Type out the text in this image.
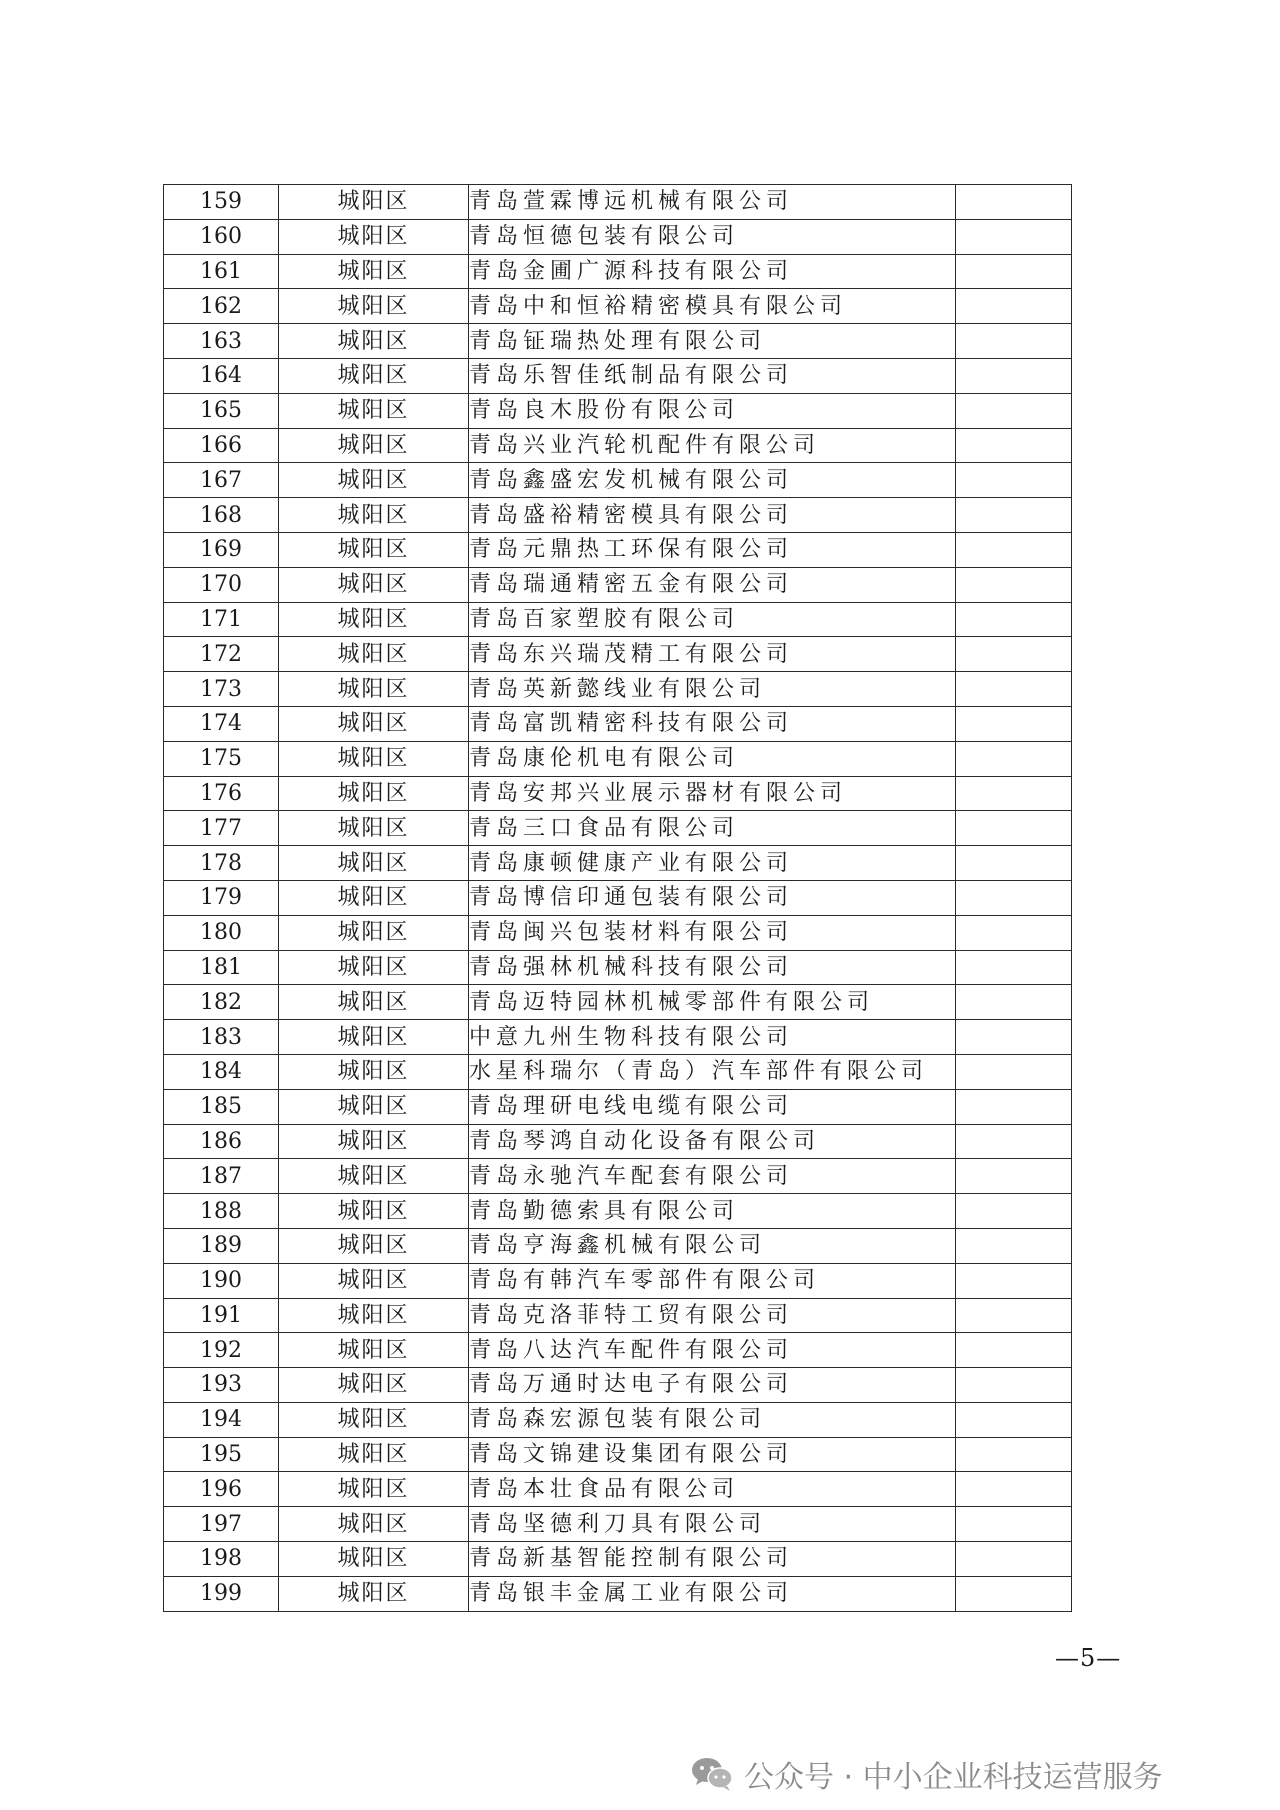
159	城阳区	青岛萱霖博远机械有限公司	
160	城阳区	青岛恒德包装有限公司	
161	城阳区	青岛金圃广源科技有限公司	
162	城阳区	青岛中和恒裕精密模具有限公司	
163	城阳区	青岛钲瑞热处理有限公司	
164	城阳区	青岛乐智佳纸制品有限公司	
165	城阳区	青岛良木股份有限公司	
166	城阳区	青岛兴业汽轮机配件有限公司	
167	城阳区	青岛鑫盛宏发机械有限公司	
168	城阳区	青岛盛裕精密模具有限公司	
169	城阳区	青岛元鼎热工环保有限公司	
170	城阳区	青岛瑞通精密五金有限公司	
171	城阳区	青岛百家塑胶有限公司	
172	城阳区	青岛东兴瑞茂精工有限公司	
173	城阳区	青岛英新懿线业有限公司	
174	城阳区	青岛富凯精密科技有限公司	
175	城阳区	青岛康伦机电有限公司	
176	城阳区	青岛安邦兴业展示器材有限公司	
177	城阳区	青岛三口食品有限公司	
178	城阳区	青岛康顿健康产业有限公司	
179	城阳区	青岛博信印通包装有限公司	
180	城阳区	青岛闽兴包装材料有限公司	
181	城阳区	青岛强林机械科技有限公司	
182	城阳区	青岛迈特园林机械零部件有限公司	
183	城阳区	中意九州生物科技有限公司	
184	城阳区	水星科瑞尔（青岛）汽车部件有限公司	
185	城阳区	青岛理研电线电缆有限公司	
186	城阳区	青岛琴鸿自动化设备有限公司	
187	城阳区	青岛永驰汽车配套有限公司	
188	城阳区	青岛勤德索具有限公司	
189	城阳区	青岛亨海鑫机械有限公司	
190	城阳区	青岛有韩汽车零部件有限公司	
191	城阳区	青岛克洛菲特工贸有限公司	
192	城阳区	青岛八达汽车配件有限公司	
193	城阳区	青岛万通时达电子有限公司	
194	城阳区	青岛森宏源包装有限公司	
195	城阳区	青岛文锦建设集团有限公司	
196	城阳区	青岛本壮食品有限公司	
197	城阳区	青岛坚德利刀具有限公司	
198	城阳区	青岛新基智能控制有限公司	
199	城阳区	青岛银丰金属工业有限公司	
—5—
公众号 · 中小企业科技运营服务
